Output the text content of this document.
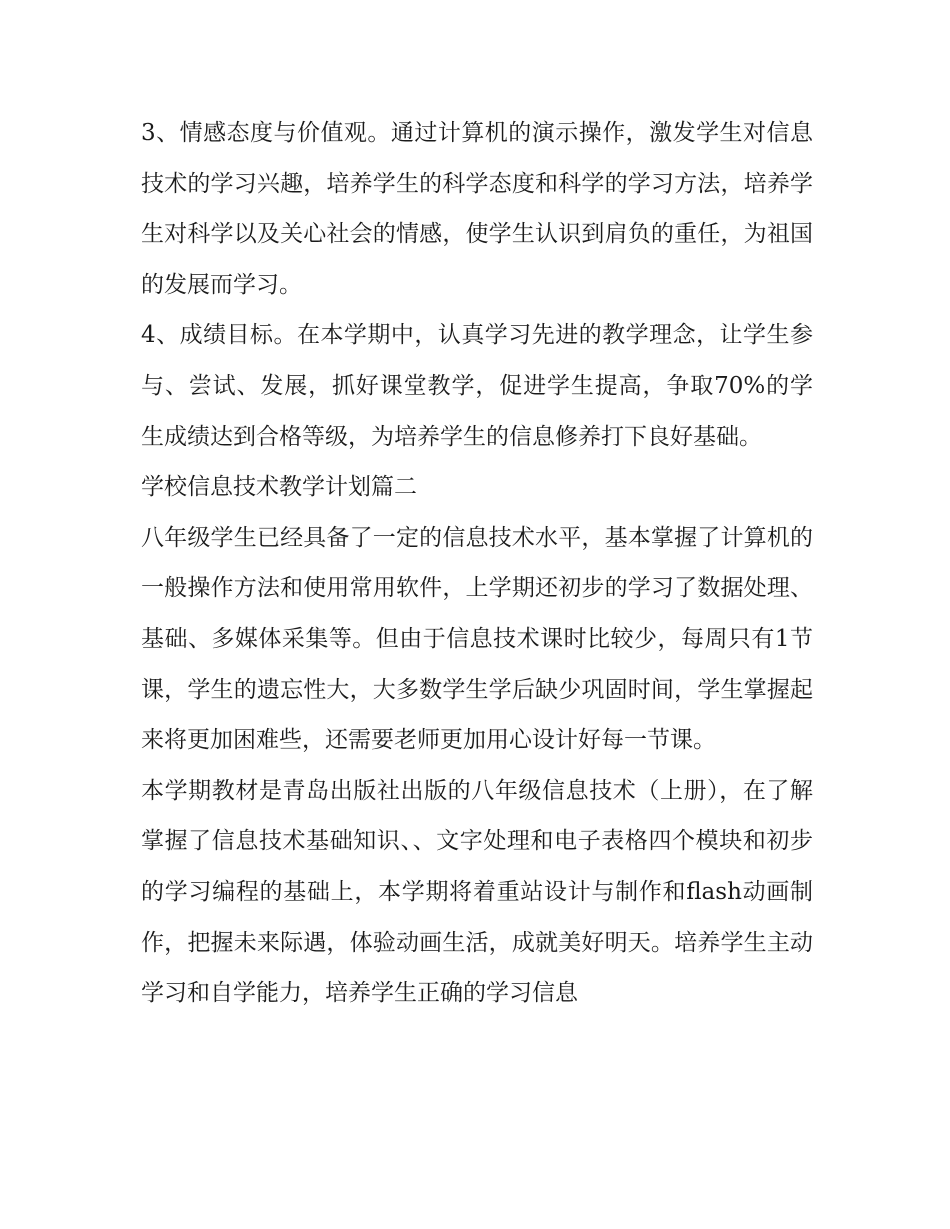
3、情感态度与价值观。通过计算机的演示操作，激发学生对信息技术的学习兴趣，培养学生的科学态度和科学的学习方法，培养学生对科学以及关心社会的情感，使学生认识到肩负的重任，为祖国的发展而学习。

4、成绩目标。在本学期中，认真学习先进的教学理念，让学生参与、尝试、发展，抓好课堂教学，促进学生提高，争取70%的学生成绩达到合格等级，为培养学生的信息修养打下良好基础。

学校信息技术教学计划篇二

八年级学生已经具备了一定的信息技术水平，基本掌握了计算机的一般操作方法和使用常用软件，上学期还初步的学习了数据处理、基础、多媒体采集等。但由于信息技术课时比较少，每周只有1节课，学生的遗忘性大，大多数学生学后缺少巩固时间，学生掌握起来将更加困难些，还需要老师更加用心设计好每一节课。

本学期教材是青岛出版社出版的八年级信息技术（上册），在了解掌握了信息技术基础知识、、文字处理和电子表格四个模块和初步的学习编程的基础上，本学期将着重站设计与制作和flash动画制作，把握未来际遇，体验动画生活，成就美好明天。培养学生主动学习和自学能力，培养学生正确的学习信息
